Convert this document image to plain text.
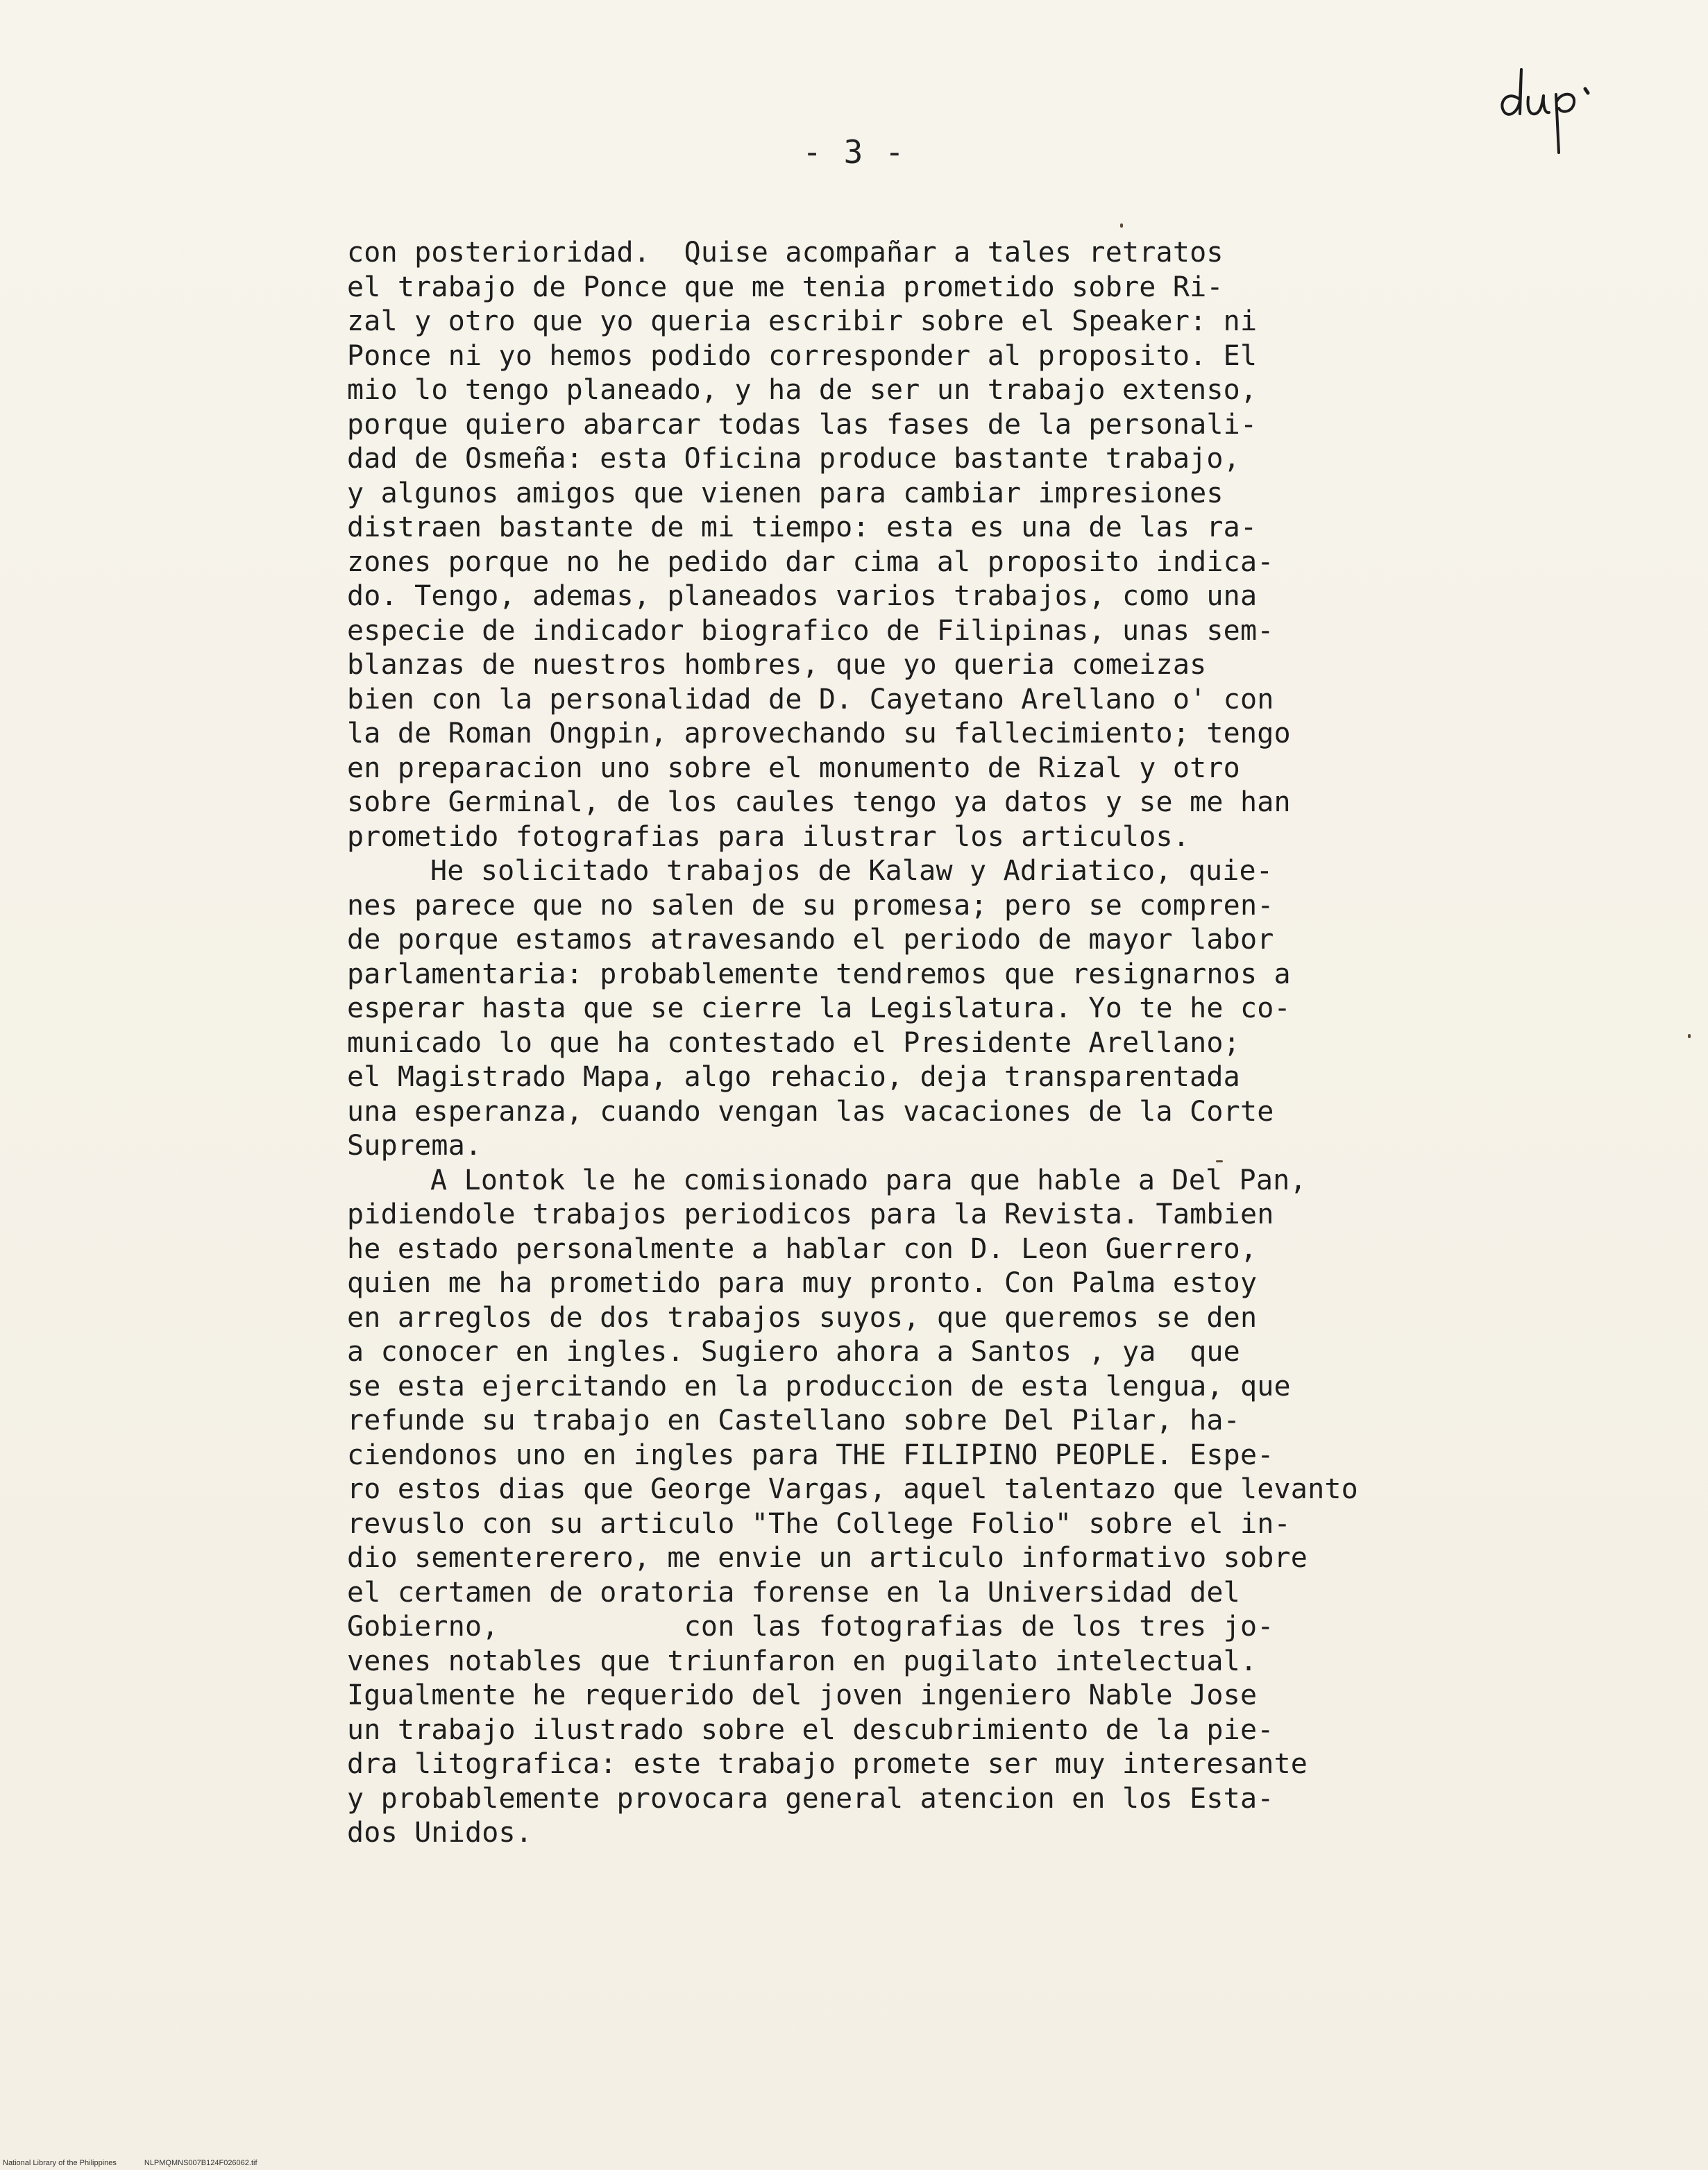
- 3 -
con posterioridad.  Quise acompañar a tales retratos
el trabajo de Ponce que me tenia prometido sobre Ri-
zal y otro que yo queria escribir sobre el Speaker: ni
Ponce ni yo hemos podido corresponder al proposito. El
mio lo tengo planeado, y ha de ser un trabajo extenso,
porque quiero abarcar todas las fases de la personali-
dad de Osmeña: esta Oficina produce bastante trabajo,
y algunos amigos que vienen para cambiar impresiones
distraen bastante de mi tiempo: esta es una de las ra-
zones porque no he pedido dar cima al proposito indica-
do. Tengo, ademas, planeados varios trabajos, como una
especie de indicador biografico de Filipinas, unas sem-
blanzas de nuestros hombres, que yo queria comeizas
bien con la personalidad de D. Cayetano Arellano o' con
la de Roman Ongpin, aprovechando su fallecimiento; tengo
en preparacion uno sobre el monumento de Rizal y otro
sobre Germinal, de los caules tengo ya datos y se me han
prometido fotografias para ilustrar los articulos.
He solicitado trabajos de Kalaw y Adriatico, quie-
nes parece que no salen de su promesa; pero se compren-
de porque estamos atravesando el periodo de mayor labor
parlamentaria: probablemente tendremos que resignarnos a
esperar hasta que se cierre la Legislatura. Yo te he co-
municado lo que ha contestado el Presidente Arellano;
el Magistrado Mapa, algo rehacio, deja transparentada
una esperanza, cuando vengan las vacaciones de la Corte
Suprema.
A Lontok le he comisionado para que hable a Del Pan,
pidiendole trabajos periodicos para la Revista. Tambien
he estado personalmente a hablar con D. Leon Guerrero,
quien me ha prometido para muy pronto. Con Palma estoy
en arreglos de dos trabajos suyos, que queremos se den
a conocer en ingles. Sugiero ahora a Santos , ya  que
se esta ejercitando en la produccion de esta lengua, que
refunde su trabajo en Castellano sobre Del Pilar, ha-
ciendonos uno en ingles para THE FILIPINO PEOPLE. Espe-
ro estos dias que George Vargas, aquel talentazo que levanto
revuslo con su articulo "The College Folio" sobre el in-
dio sementererero, me envie un articulo informativo sobre
el certamen de oratoria forense en la Universidad del
Gobierno,           con las fotografias de los tres jo-
venes notables que triunfaron en pugilato intelectual.
Igualmente he requerido del joven ingeniero Nable Jose
un trabajo ilustrado sobre el descubrimiento de la pie-
dra litografica: este trabajo promete ser muy interesante
y probablemente provocara general atencion en los Esta-
dos Unidos.
National Library of the Philippines	NLPMQMNS007B124F026062.tif
